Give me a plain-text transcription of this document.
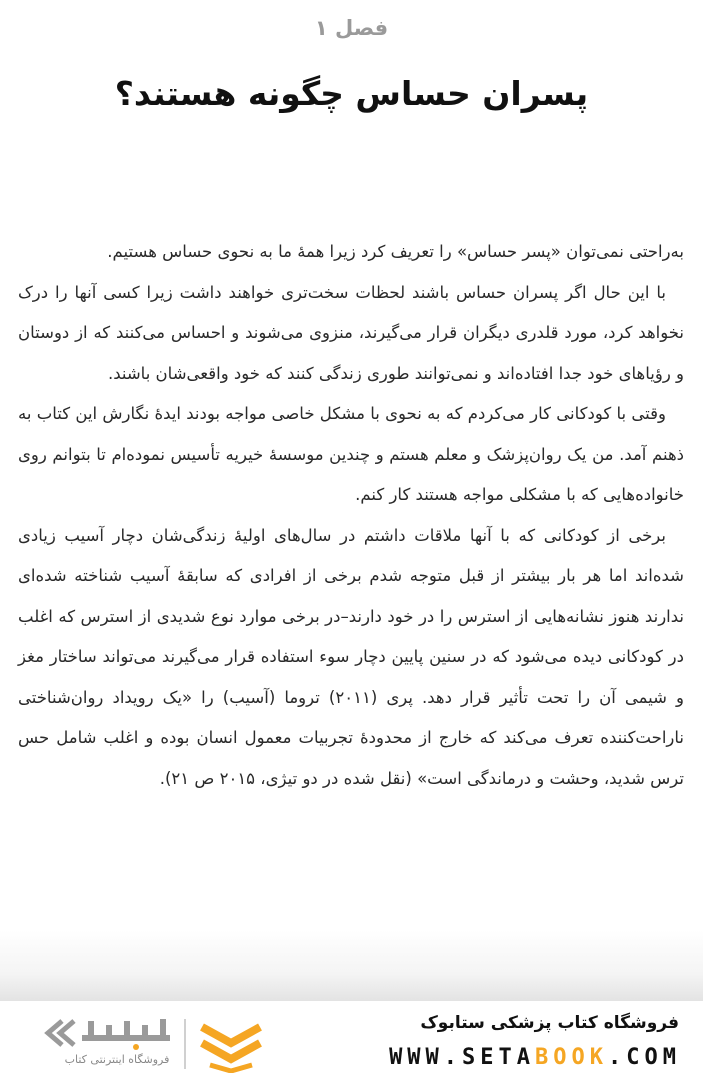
فصل ۱
پسران حساس چگونه هستند؟

به‌راحتی نمی‌توان «پسر حساس» را تعریف کرد زیرا همهٔ ما به نحوی حساس هستیم.

با این حال اگر پسران حساس باشند لحظات سخت‌تری خواهند داشت زیرا کسی آنها را درک نخواهد کرد، مورد قلدری دیگران قرار می‌گیرند، منزوی می‌شوند و احساس می‌کنند که از دوستان و رؤیاهای خود جدا افتاده‌اند و نمی‌توانند طوری زندگی کنند که خود واقعی‌شان باشند.

وقتی با کودکانی کار می‌کردم که به نحوی با مشکل خاصی مواجه بودند ایدهٔ نگارش این کتاب به ذهنم آمد. من یک روان‌پزشک و معلم هستم و چندین موسسهٔ خیریه تأسیس نموده‌ام تا بتوانم روی خانواده‌هایی که با مشکلی مواجه هستند کار کنم.

برخی از کودکانی که با آنها ملاقات داشتم در سال‌های اولیهٔ زندگی‌شان دچار آسیب زیادی شده‌اند اما هر بار بیشتر از قبل متوجه شدم برخی از افرادی که سابقهٔ آسیب شناخته شده‌ای ندارند هنوز نشانه‌هایی از استرس را در خود دارند–در برخی موارد نوع شدیدی از استرس که اغلب در کودکانی دیده می‌شود که در سنین پایین دچار سوء استفاده قرار می‌گیرند می‌تواند ساختار مغز و شیمی آن را تحت تأثیر قرار دهد. پری (۲۰۱۱) تروما (آسیب) را «یک رویداد روان‌شناختی ناراحت‌کننده تعرف می‌کند که خارج از محدودهٔ تجربیات معمول انسان بوده و اغلب شامل حس ترس شدید، وحشت و درماندگی است» (نقل شده در دو تیژی، ۲۰۱۵ ص ۲۱).

فروشگاه اینترنتی کتاب
فروشگاه کتاب پزشکی ستابوک
WWW.SETABOOK.COM
